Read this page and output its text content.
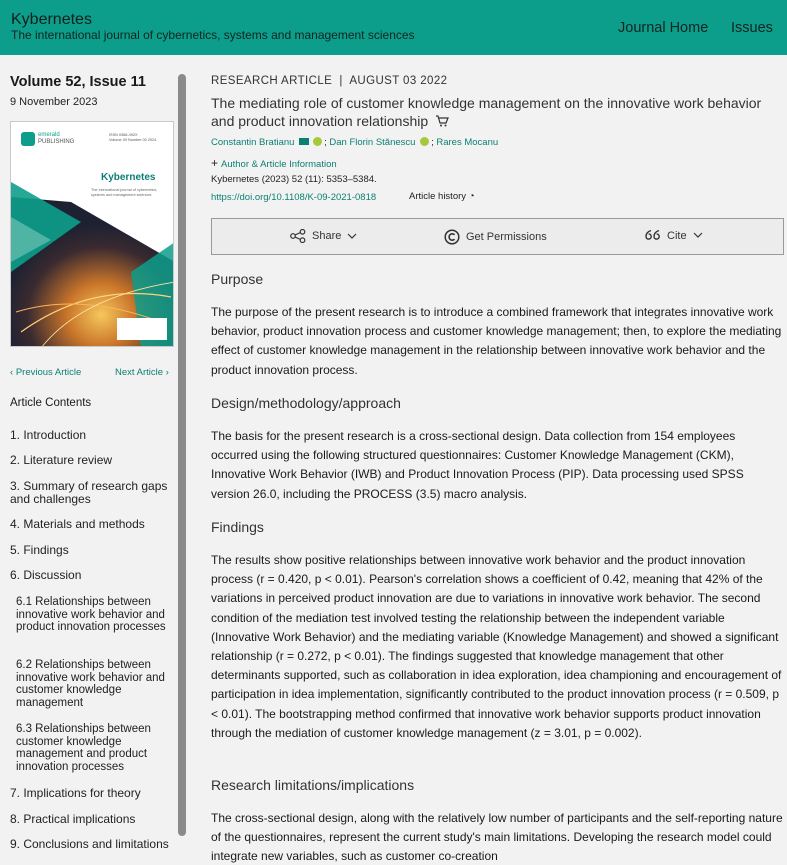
Kybernetes
The international journal of cybernetics, systems and management sciences	Journal Home Issues
Volume 52, Issue 11
9 November 2023
emerald
PUBLISHING
ISSN 0368-492X
Volume 00 Number 00 2024
Kybernetes
The international journal of cybernetics,
systems and management sciences
‹ Previous Article	Next Article ›
Article Contents
1. Introduction
2. Literature review
3. Summary of research gaps and challenges
4. Materials and methods
5. Findings
6. Discussion
6.1 Relationships between innovative work behavior and product innovation processes
6.2 Relationships between innovative work behavior and customer knowledge management
6.3 Relationships between customer knowledge management and product innovation processes
7. Implications for theory
8. Practical implications
9. Conclusions and limitations
RESEARCH ARTICLE  |  AUGUST 03 2022
The mediating role of customer knowledge management on the innovative work behavior and product innovation relationship
Constantin Bratianu	; Dan Florin Stănescu ; Rares Mocanu
+ Author & Article Information
Kybernetes (2023) 52 (11): 5353–5384.
https://doi.org/10.1108/K-09-2021-0818	Article history ◔
Share	Get Permissions	Cite
Purpose
The purpose of the present research is to introduce a combined framework that integrates innovative work behavior, product innovation process and customer knowledge management; then, to explore the mediating effect of customer knowledge management in the relationship between innovative work behavior and the product innovation process.
Design/methodology/approach
The basis for the present research is a cross-sectional design. Data collection from 154 employees occurred using the following structured questionnaires: Customer Knowledge Management (CKM), Innovative Work Behavior (IWB) and Product Innovation Process (PIP). Data processing used SPSS version 26.0, including the PROCESS (3.5) macro analysis.
Findings
The results show positive relationships between innovative work behavior and the product innovation process (r = 0.420, p < 0.01). Pearson's correlation shows a coefficient of 0.42, meaning that 42% of the variations in perceived product innovation are due to variations in innovative work behavior. The second condition of the mediation test involved testing the relationship between the independent variable (Innovative Work Behavior) and the mediating variable (Knowledge Management) and showed a significant relationship (r = 0.272, p < 0.01). The findings suggested that knowledge management that other determinants supported, such as collaboration in idea exploration, idea championing and encouragement of participation in idea implementation, significantly contributed to the product innovation process (r = 0.509, p < 0.01). The bootstrapping method confirmed that innovative work behavior supports product innovation through the mediation of customer knowledge management (z = 3.01, p = 0.002).
Research limitations/implications
The cross-sectional design, along with the relatively low number of participants and the self-reporting nature of the questionnaires, represent the current study's main limitations. Developing the research model could integrate new variables, such as customer co-creation
